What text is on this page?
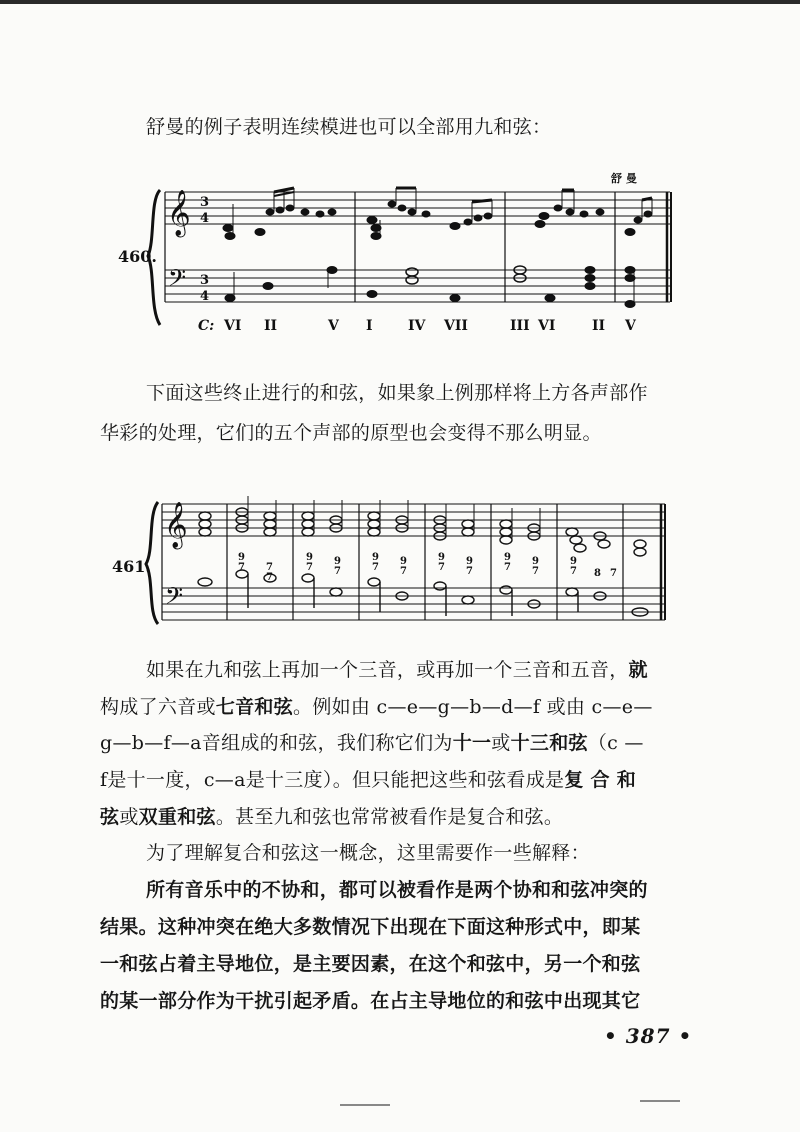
舒曼的例子表明连续模进也可以全部用九和弦：
舒 曼
460.
𝄞
𝄢
3
4
3
4
C: VI II	V I	IV VII	III VI	II V
下面这些终止进行的和弦，如果象上例那样将上方各声部作
华彩的处理，它们的五个声部的原型也会变得不那么明显。
461.
𝄞
𝄢
9
7 7
7
9
7
9
7
9
7
9
7
9
7
9
7
9
7
9
7
9
7 8 7
如果在九和弦上再加一个三音，或再加一个三音和五音，就
构成了六音或七音和弦。例如由 c—e—g—b—d—f 或由 c—e—
g—b—f—a音组成的和弦，我们称它们为十一或十三和弦（c —
f是十一度，c—a是十三度）。但只能把这些和弦看成是复 合 和
弦或双重和弦。甚至九和弦也常常被看作是复合和弦。
为了理解复合和弦这一概念，这里需要作一些解释：
所有音乐中的不协和，都可以被看作是两个协和和弦冲突的
结果。这种冲突在绝大多数情况下出现在下面这种形式中，即某
一和弦占着主导地位，是主要因素，在这个和弦中，另一个和弦
的某一部分作为干扰引起矛盾。在占主导地位的和弦中出现其它
• 387 •
